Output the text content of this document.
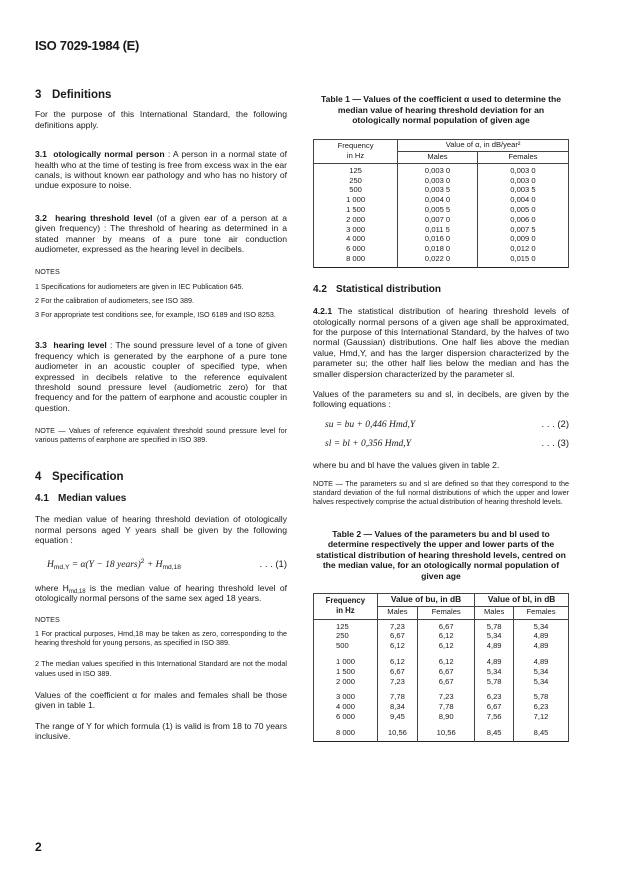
ISO 7029-1984 (E)
3 Definitions

For the purpose of this International Standard, the following definitions apply.

3.1 otologically normal person : A person in a normal state of health who at the time of testing is free from excess wax in the ear canals, is without known ear pathology and who has no history of undue exposure to noise.

3.2 hearing threshold level (of a given ear of a person at a given frequency) : The threshold of hearing as determined in a stated manner by means of a pure tone air conduction audiometer, expressed as the hearing level in decibels.

NOTES

1 Specifications for audiometers are given in IEC Publication 645.

2 For the calibration of audiometers, see ISO 389.

3 For appropriate test conditions see, for example, ISO 6189 and ISO 8253.

3.3 hearing level : The sound pressure level of a tone of given frequency which is generated by the earphone of a pure tone audiometer in an acoustic coupler of specified type, when expressed in decibels relative to the reference equivalent threshold sound pressure level (audiometric zero) for that frequency and for the pattern of earphone and acoustic coupler in question.

NOTE — Values of reference equivalent threshold sound pressure level for various patterns of earphone are specified in ISO 389.

4 Specification
4.1 Median values

The median value of hearing threshold deviation of otologically normal persons aged Y years shall be given by the following equation :

$H_{md,Y} = \alpha(Y - 18$ years)$^2$ + $H_{md,18}$	. . . (1)

where $H_{md,18}$ is the median value of hearing threshold level of otologically normal persons of the same sex aged 18 years.

NOTES

1 For practical purposes, Hmd,18 may be taken as zero, corresponding to the hearing threshold for young persons, as specified in ISO 389.

2 The median values specified in this International Standard are not the modal values used in ISO 389.

Values of the coefficient α for males and females shall be those given in table 1.

The range of Y for which formula (1) is valid is from 18 to 70 years inclusive.

2
Table 1 — Values of the coefficient α used to determine the median value of hearing threshold deviation for an otologically normal population of given age
Frequency
in Hz	Value of α, in dB/year²	
	Males	Females
125	0,003 0	0,003 0
250	0,003 0	0,003 0
500	0,003 5	0,003 5
1 000	0,004 0	0,004 0
1 500	0,005 5	0,005 0
2 000	0,007 0	0,006 0
3 000	0,011 5	0,007 5
4 000	0,016 0	0,009 0
6 000	0,018 0	0,012 0
8 000	0,022 0	0,015 0
4.2 Statistical distribution

4.2.1 The statistical distribution of hearing threshold levels of otologically normal persons of a given age shall be approximated, for the purpose of this International Standard, by the halves of two normal (Gaussian) distributions. One half lies above the median value, Hmd,Y, and has the larger dispersion characterized by the parameter su; the other half lies below the median and has the smaller dispersion characterized by the parameter sl.

Values of the parameters su and sl, in decibels, are given by the following equations :

su = bu + 0,446 Hmd,Y	. . . (2)
sl = bl + 0,356 Hmd,Y	. . . (3)

where bu and bl have the values given in table 2.

NOTE — The parameters su and sl are defined so that they correspond to the standard deviation of the full normal distributions of which the upper and lower halves respectively comprise the actual distribution of hearing threshold levels.

Table 2 — Values of the parameters bu and bl used to determine respectively the upper and lower parts of the statistical distribution of hearing threshold levels, centred on the median value, for an otologically normal population of given age
Frequency
in Hz	Value of bu, in dB		Value of bl, in dB	
	Males	Females	Males	Females
125	7,23	6,67	5,78	5,34
250	6,67	6,12	5,34	4,89
500	6,12	6,12	4,89	4,89

1 000	6,12	6,12	4,89	4,89
1 500	6,67	6,67	5,34	5,34
2 000	7,23	6,67	5,78	5,34

3 000	7,78	7,23	6,23	5,78
4 000	8,34	7,78	6,67	6,23
6 000	9,45	8,90	7,56	7,12

8 000	10,56	10,56	8,45	8,45
